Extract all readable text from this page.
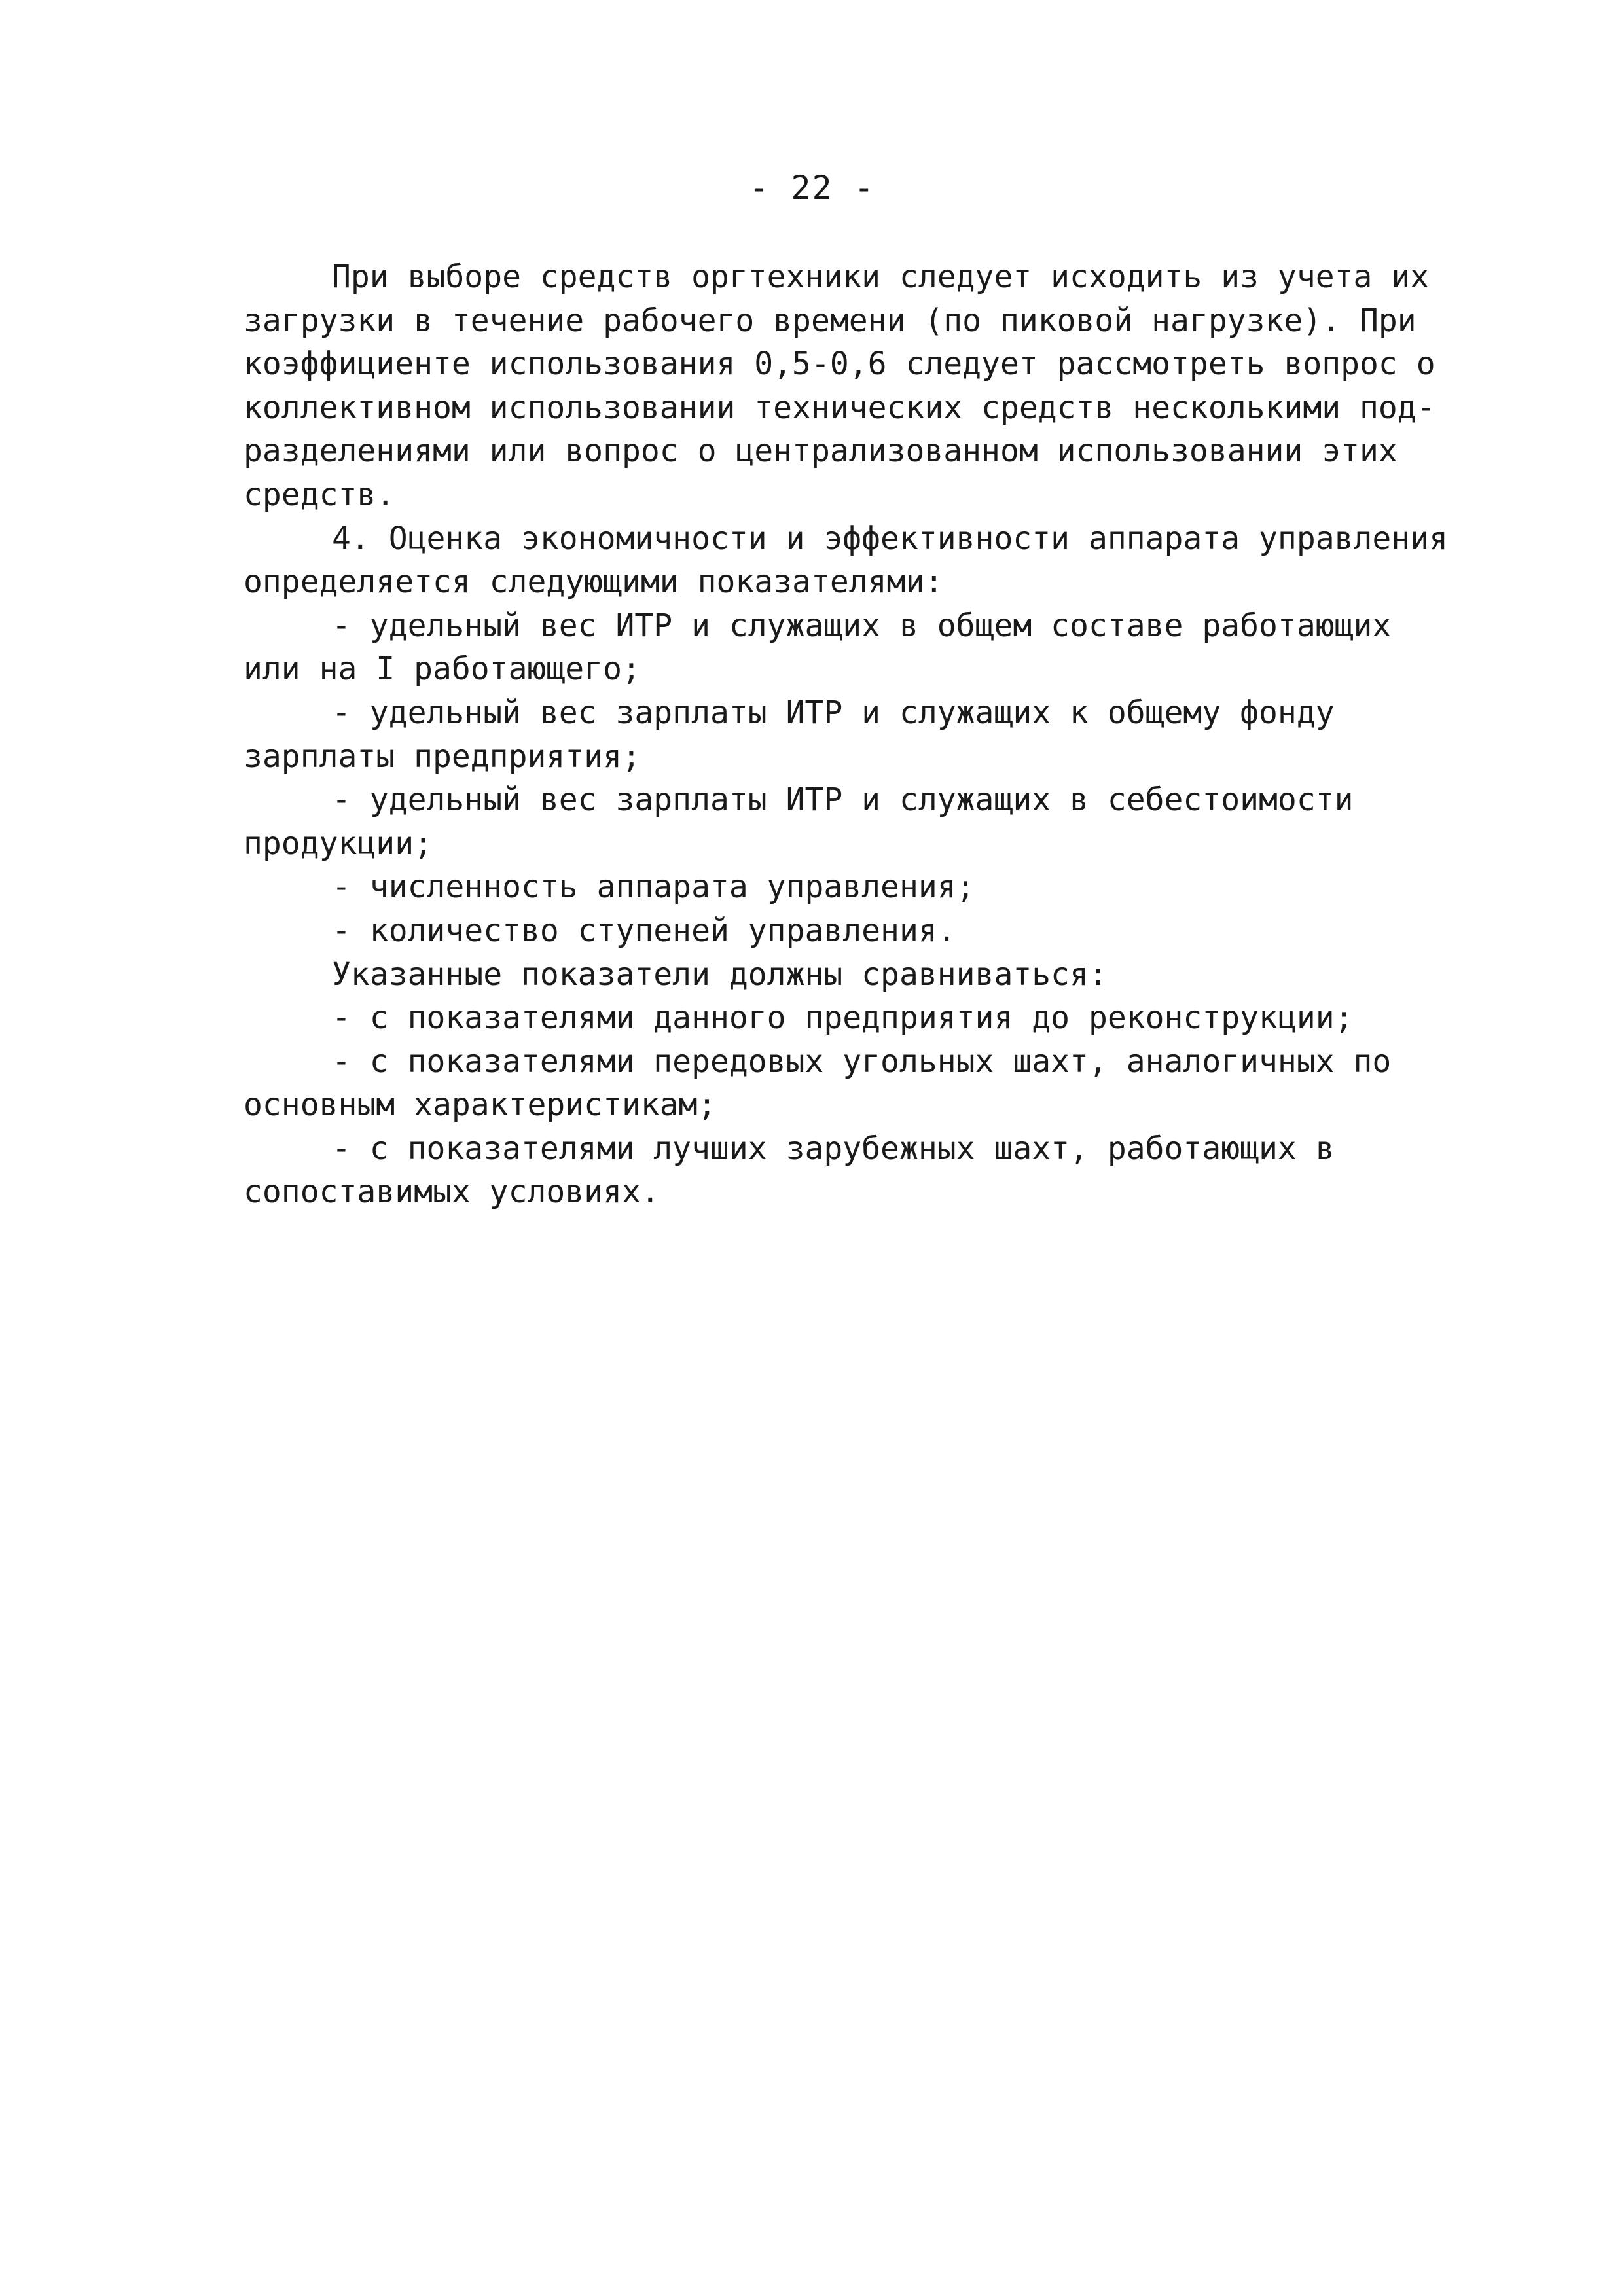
- 22 -
При выборе средств оргтехники следует исходить из учета их
загрузки в течение рабочего времени (по пиковой нагрузке). При
коэффициенте использования 0,5-0,6 следует рассмотреть вопрос о
коллективном использовании технических средств несколькими под-
разделениями или вопрос о централизованном использовании этих
средств.
4. Оценка экономичности и эффективности аппарата управления
определяется следующими показателями:
- удельный вес ИТР и служащих в общем составе работающих
или на I работающего;
- удельный вес зарплаты ИТР и служащих к общему фонду
зарплаты предприятия;
- удельный вес зарплаты ИТР и служащих в себестоимости
продукции;
- численность аппарата управления;
- количество ступеней управления.
Указанные показатели должны сравниваться:
- с показателями данного предприятия до реконструкции;
- с показателями передовых угольных шахт, аналогичных по
основным характеристикам;
- с показателями лучших зарубежных шахт, работающих в
сопоставимых условиях.
